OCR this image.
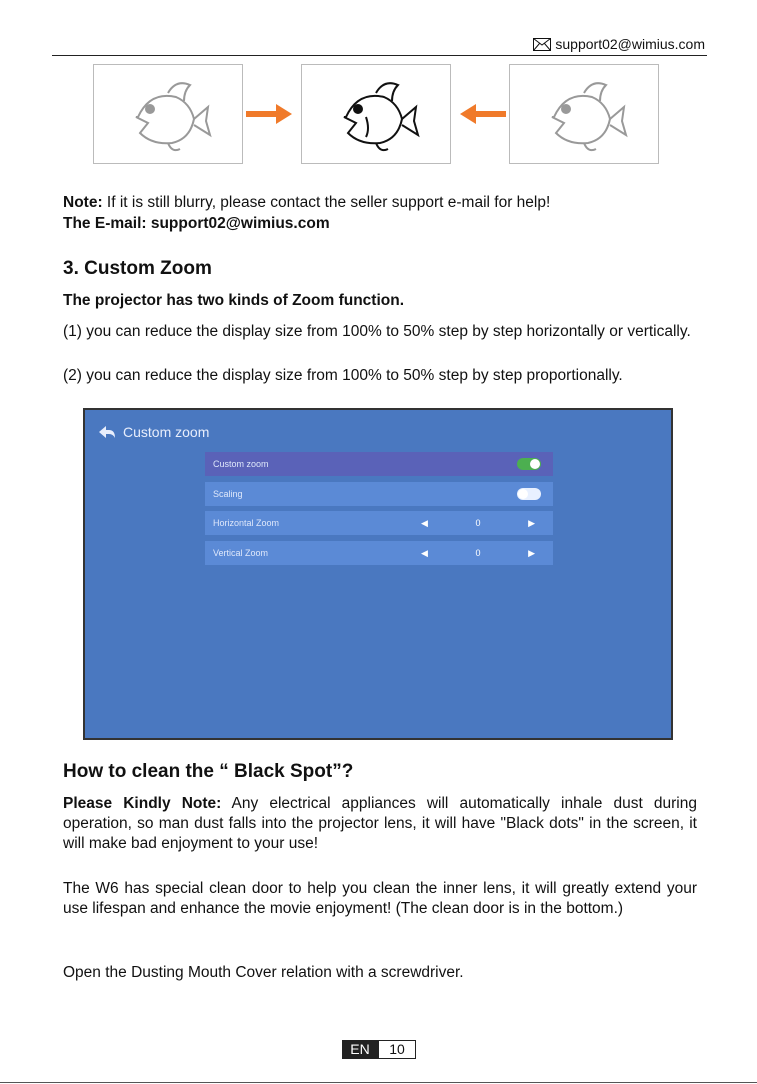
support02@wimius.com
Note: If it is still blurry, please contact the seller support e-mail for help!
The E-mail: support02@wimius.com
3. Custom Zoom
The projector has two kinds of Zoom function.
(1) you can reduce the display size from 100% to 50% step by step horizontally or vertically.
(2) you can reduce the display size from 100% to 50% step by step proportionally.
Custom zoom
Custom zoom
Scaling
Horizontal Zoom	◀	0	▶
Vertical Zoom	◀	0	▶
How to clean the “ Black Spot”?
Please Kindly Note: Any electrical appliances will automatically inhale dust during operation, so man dust falls into the projector lens, it will have "Black dots" in the screen, it will make bad enjoyment to your use!
The W6 has special clean door to help you clean the inner lens, it will greatly extend your use lifespan and enhance the movie enjoyment! (The clean door is in the bottom.)
Open the Dusting Mouth Cover relation with a screwdriver.
EN	10
